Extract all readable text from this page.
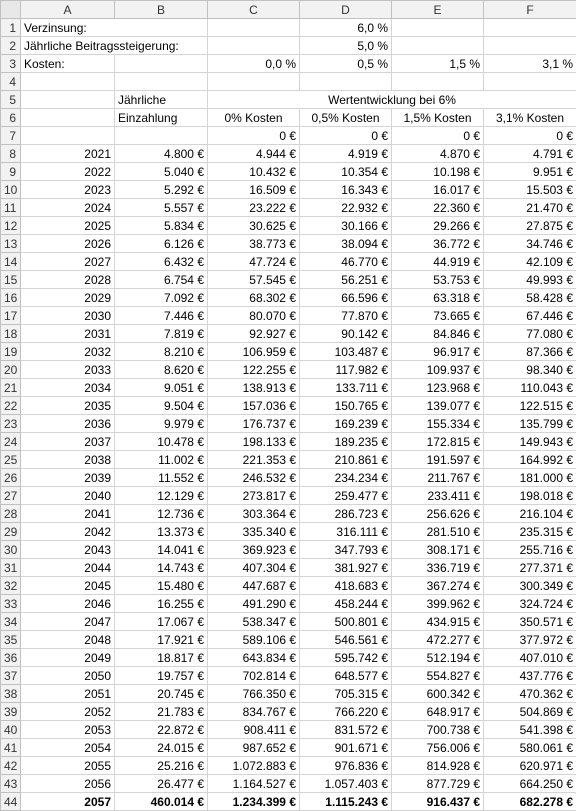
	A	B	C	D	E	F
1	Verzinsung:			6,0 %		
2	Jährliche Beitragssteigerung:			5,0 %		
3	Kosten:		0,0 %	0,5 %	1,5 %	3,1 %
4						
5		Jährliche	Wertentwicklung bei 6%			
6		Einzahlung	0% Kosten	0,5% Kosten	1,5% Kosten	3,1% Kosten
7			0 €	0 €	0 €	0 €
8	2021	4.800 €	4.944 €	4.919 €	4.870 €	4.791 €
9	2022	5.040 €	10.432 €	10.354 €	10.198 €	9.951 €
10	2023	5.292 €	16.509 €	16.343 €	16.017 €	15.503 €
11	2024	5.557 €	23.222 €	22.932 €	22.360 €	21.470 €
12	2025	5.834 €	30.625 €	30.166 €	29.266 €	27.875 €
13	2026	6.126 €	38.773 €	38.094 €	36.772 €	34.746 €
14	2027	6.432 €	47.724 €	46.770 €	44.919 €	42.109 €
15	2028	6.754 €	57.545 €	56.251 €	53.753 €	49.993 €
16	2029	7.092 €	68.302 €	66.596 €	63.318 €	58.428 €
17	2030	7.446 €	80.070 €	77.870 €	73.665 €	67.446 €
18	2031	7.819 €	92.927 €	90.142 €	84.846 €	77.080 €
19	2032	8.210 €	106.959 €	103.487 €	96.917 €	87.366 €
20	2033	8.620 €	122.255 €	117.982 €	109.937 €	98.340 €
21	2034	9.051 €	138.913 €	133.711 €	123.968 €	110.043 €
22	2035	9.504 €	157.036 €	150.765 €	139.077 €	122.515 €
23	2036	9.979 €	176.737 €	169.239 €	155.334 €	135.799 €
24	2037	10.478 €	198.133 €	189.235 €	172.815 €	149.943 €
25	2038	11.002 €	221.353 €	210.861 €	191.597 €	164.992 €
26	2039	11.552 €	246.532 €	234.234 €	211.767 €	181.000 €
27	2040	12.129 €	273.817 €	259.477 €	233.411 €	198.018 €
28	2041	12.736 €	303.364 €	286.723 €	256.626 €	216.104 €
29	2042	13.373 €	335.340 €	316.111 €	281.510 €	235.315 €
30	2043	14.041 €	369.923 €	347.793 €	308.171 €	255.716 €
31	2044	14.743 €	407.304 €	381.927 €	336.719 €	277.371 €
32	2045	15.480 €	447.687 €	418.683 €	367.274 €	300.349 €
33	2046	16.255 €	491.290 €	458.244 €	399.962 €	324.724 €
34	2047	17.067 €	538.347 €	500.801 €	434.915 €	350.571 €
35	2048	17.921 €	589.106 €	546.561 €	472.277 €	377.972 €
36	2049	18.817 €	643.834 €	595.742 €	512.194 €	407.010 €
37	2050	19.757 €	702.814 €	648.577 €	554.827 €	437.776 €
38	2051	20.745 €	766.350 €	705.315 €	600.342 €	470.362 €
39	2052	21.783 €	834.767 €	766.220 €	648.917 €	504.869 €
40	2053	22.872 €	908.411 €	831.572 €	700.738 €	541.398 €
41	2054	24.015 €	987.652 €	901.671 €	756.006 €	580.061 €
42	2055	25.216 €	1.072.883 €	976.836 €	814.928 €	620.971 €
43	2056	26.477 €	1.164.527 €	1.057.403 €	877.729 €	664.250 €
44	2057	460.014 €	1.234.399 €	1.115.243 €	916.437 €	682.278 €
